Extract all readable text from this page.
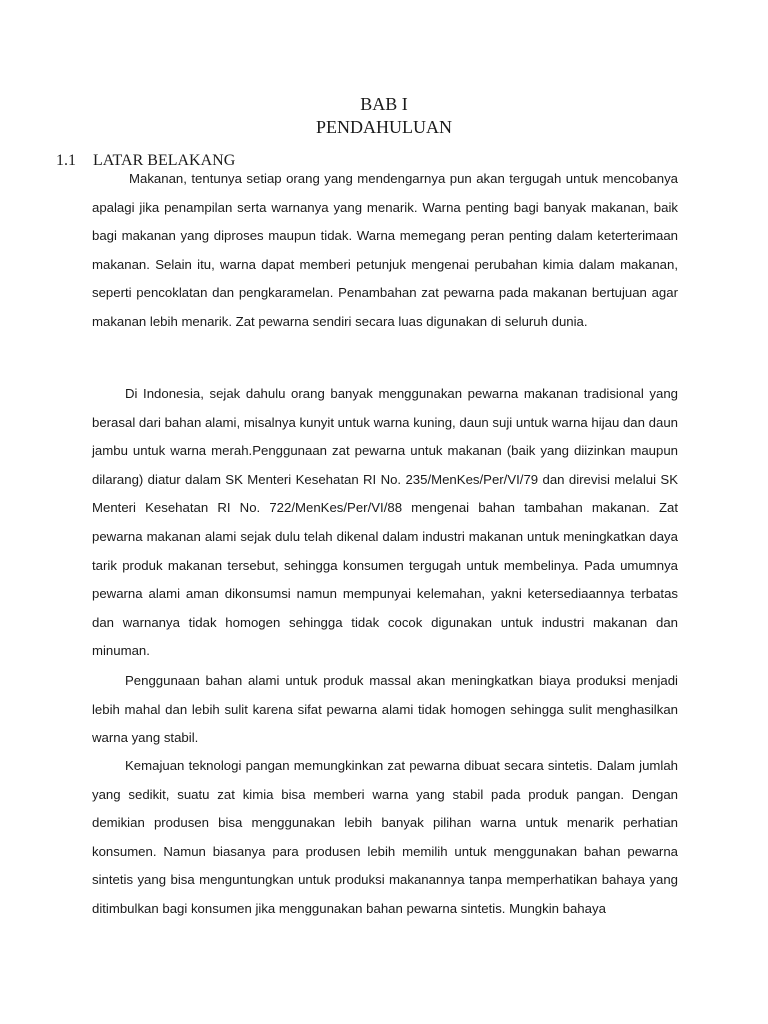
BAB I
PENDAHULUAN
1.1 LATAR BELAKANG

Makanan, tentunya setiap orang yang mendengarnya pun akan tergugah untuk mencobanya apalagi jika penampilan serta warnanya yang menarik. Warna penting bagi banyak makanan, baik bagi makanan yang diproses maupun tidak. Warna memegang peran penting dalam keterterimaan makanan. Selain itu, warna dapat memberi petunjuk mengenai perubahan kimia dalam makanan, seperti pencoklatan dan pengkaramelan. Penambahan zat pewarna pada makanan bertujuan agar makanan lebih menarik. Zat pewarna sendiri secara luas digunakan di seluruh dunia.

Di Indonesia, sejak dahulu orang banyak menggunakan pewarna makanan tradisional yang berasal dari bahan alami, misalnya kunyit untuk warna kuning, daun suji untuk warna hijau dan daun jambu untuk warna merah.Penggunaan zat pewarna untuk makanan (baik yang diizinkan maupun dilarang) diatur dalam SK Menteri Kesehatan RI No. 235/MenKes/Per/VI/79 dan direvisi melalui SK Menteri Kesehatan RI No. 722/MenKes/Per/VI/88 mengenai bahan tambahan makanan. Zat pewarna makanan alami sejak dulu telah dikenal dalam industri makanan untuk meningkatkan daya tarik produk makanan tersebut, sehingga konsumen tergugah untuk membelinya. Pada umumnya pewarna alami aman dikonsumsi namun mempunyai kelemahan, yakni ketersediaannya terbatas dan warnanya tidak homogen sehingga tidak cocok digunakan untuk industri makanan dan minuman.

Penggunaan bahan alami untuk produk massal akan meningkatkan biaya produksi menjadi lebih mahal dan lebih sulit karena sifat pewarna alami tidak homogen sehingga sulit menghasilkan warna yang stabil.

Kemajuan teknologi pangan memungkinkan zat pewarna dibuat secara sintetis. Dalam jumlah yang sedikit, suatu zat kimia bisa memberi warna yang stabil pada produk pangan. Dengan demikian produsen bisa menggunakan lebih banyak pilihan warna untuk menarik perhatian konsumen. Namun biasanya para produsen lebih memilih untuk menggunakan bahan pewarna sintetis yang bisa menguntungkan untuk produksi makanannya tanpa memperhatikan bahaya yang ditimbulkan bagi konsumen jika menggunakan bahan pewarna sintetis. Mungkin bahaya
